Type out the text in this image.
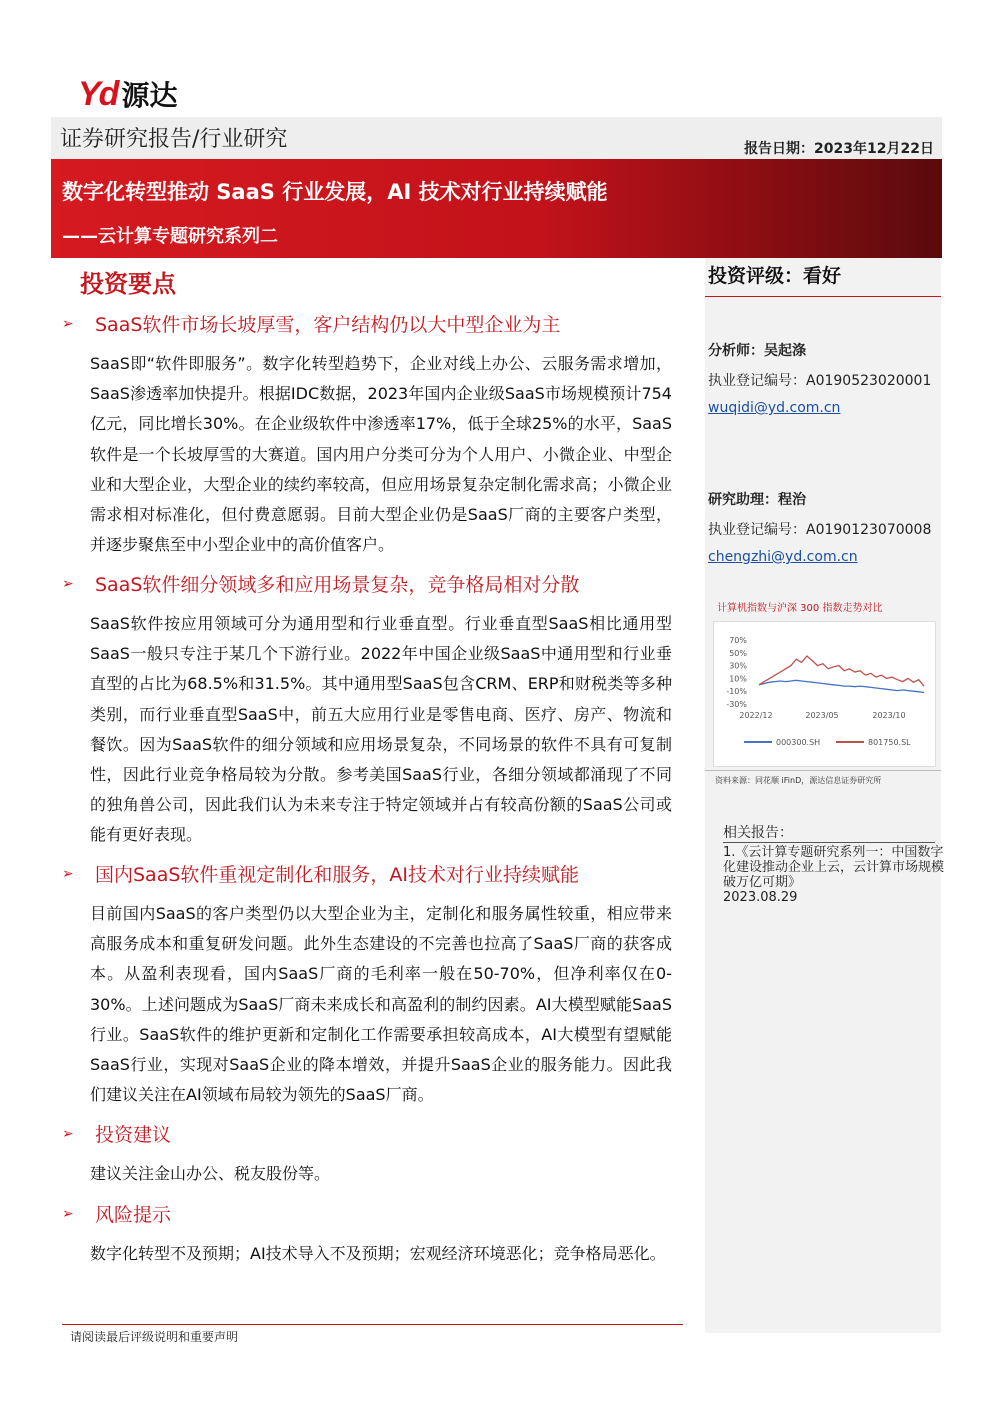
Yd 源达
证券研究报告/行业研究	报告日期：2023年12月22日
数字化转型推动 SaaS 行业发展，AI 技术对行业持续赋能
——云计算专题研究系列二
投资要点
➢	SaaS软件市场长坡厚雪，客户结构仍以大中型企业为主
SaaS即“软件即服务”。数字化转型趋势下，企业对线上办公、云服务需求增加，SaaS渗透率加快提升。根据IDC数据，2023年国内企业级SaaS市场规模预计754亿元，同比增长30%。在企业级软件中渗透率17%，低于全球25%的水平，SaaS软件是一个长坡厚雪的大赛道。国内用户分类可分为个人用户、小微企业、中型企业和大型企业，大型企业的续约率较高，但应用场景复杂定制化需求高；小微企业需求相对标准化，但付费意愿弱。目前大型企业仍是SaaS厂商的主要客户类型，并逐步聚焦至中小型企业中的高价值客户。
➢	SaaS软件细分领域多和应用场景复杂，竞争格局相对分散
SaaS软件按应用领域可分为通用型和行业垂直型。行业垂直型SaaS相比通用型SaaS一般只专注于某几个下游行业。2022年中国企业级SaaS中通用型和行业垂直型的占比为68.5%和31.5%。其中通用型SaaS包含CRM、ERP和财税类等多种类别，而行业垂直型SaaS中，前五大应用行业是零售电商、医疗、房产、物流和餐饮。因为SaaS软件的细分领域和应用场景复杂，不同场景的软件不具有可复制性，因此行业竞争格局较为分散。参考美国SaaS行业，各细分领域都涌现了不同的独角兽公司，因此我们认为未来专注于特定领域并占有较高份额的SaaS公司或能有更好表现。
➢	国内SaaS软件重视定制化和服务，AI技术对行业持续赋能
目前国内SaaS的客户类型仍以大型企业为主，定制化和服务属性较重，相应带来高服务成本和重复研发问题。此外生态建设的不完善也拉高了SaaS厂商的获客成本。从盈利表现看，国内SaaS厂商的毛利率一般在50-70%，但净利率仅在0-30%。上述问题成为SaaS厂商未来成长和高盈利的制约因素。AI大模型赋能SaaS行业。SaaS软件的维护更新和定制化工作需要承担较高成本，AI大模型有望赋能SaaS行业，实现对SaaS企业的降本增效，并提升SaaS企业的服务能力。因此我们建议关注在AI领域布局较为领先的SaaS厂商。
➢	投资建议
建议关注金山办公、税友股份等。
➢	风险提示
数字化转型不及预期；AI技术导入不及预期；宏观经济环境恶化；竞争格局恶化。
投资评级：看好
分析师：吴起涤
执业登记编号：A0190523020001
wuqidi@yd.com.cn
研究助理：程治
执业登记编号：A0190123070008
chengzhi@yd.com.cn
计算机指数与沪深 300 指数走势对比
70%
50%
30%
10%
-10%
-30%
2022/12	2023/05	2023/10
000300.SH	801750.SL
资料来源：同花顺 iFinD，源达信息证券研究所
相关报告：
1.《云计算专题研究系列一：中国数字化建设推动企业上云，云计算市场规模破万亿可期》
2023.08.29
请阅读最后评级说明和重要声明
